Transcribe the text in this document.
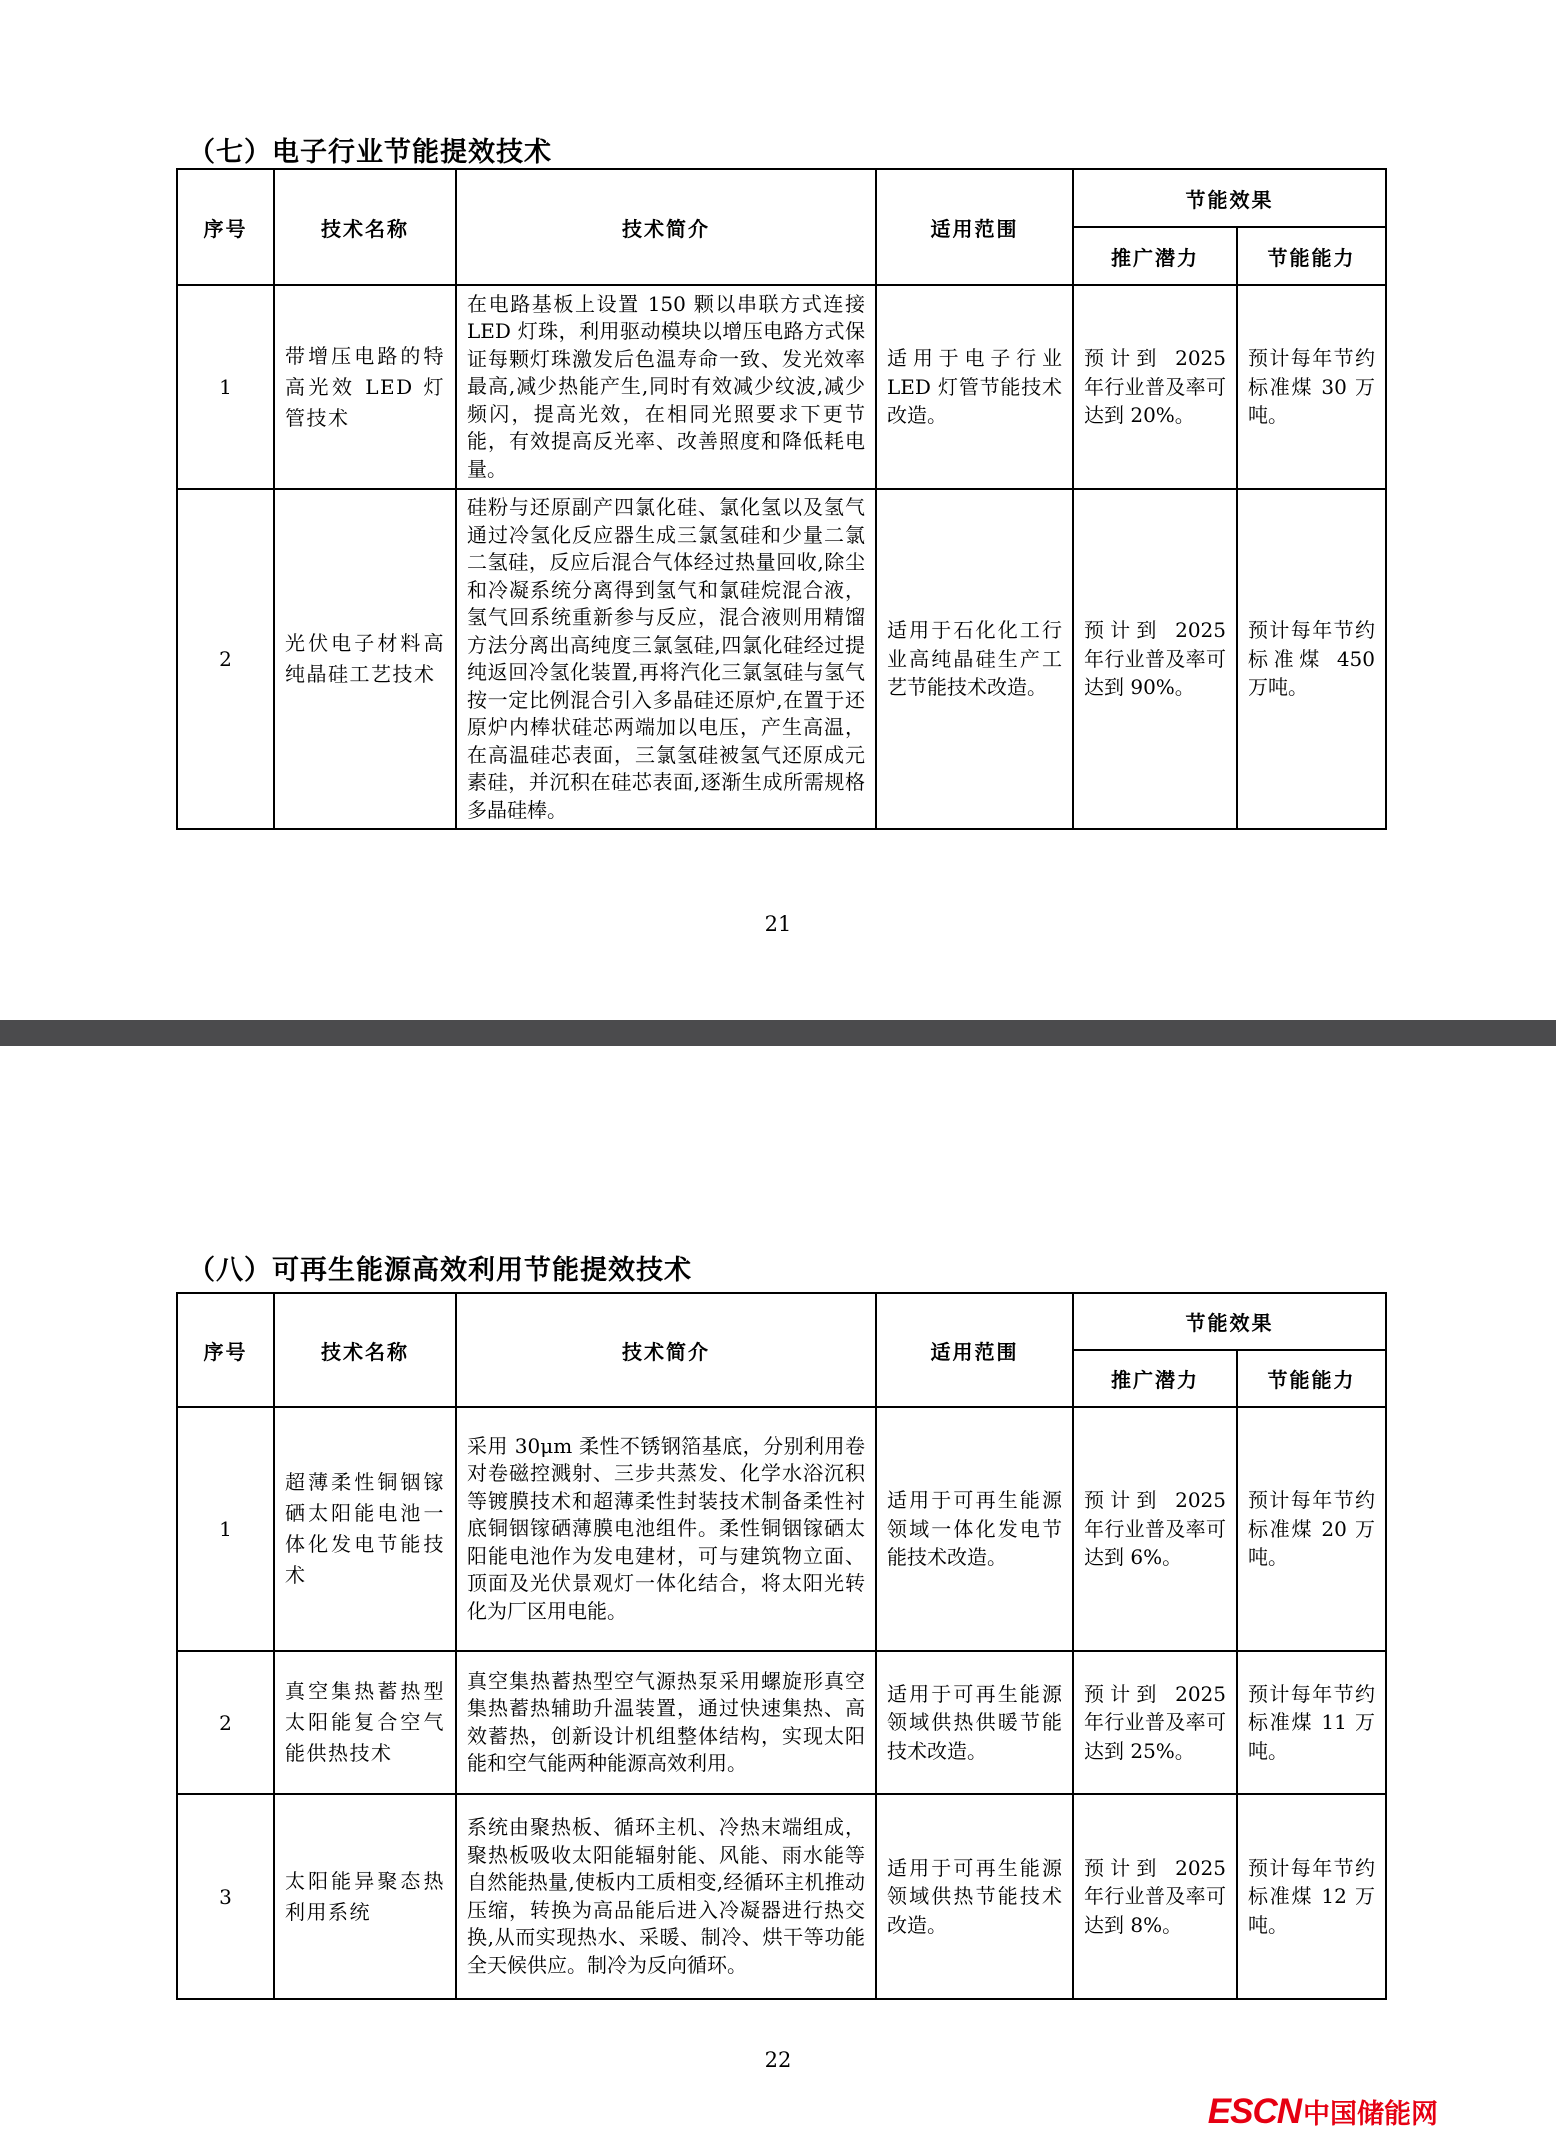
（七）电子行业节能提效技术
序号	技术名称	技术简介	适用范围	节能效果	
				推广潜力	节能能力
1	带增压电路的特高光效 LED 灯管技术	在电路基板上设置 150 颗以串联方式连接 LED 灯珠，利用驱动模块以增压电路方式保证每颗灯珠激发后色温寿命一致、发光效率最高,减少热能产生,同时有效减少纹波,减少频闪，提高光效，在相同光照要求下更节能，有效提高反光率、改善照度和降低耗电量。	适用于电子行业 LED 灯管节能技术改造。	预计到 2025 年行业普及率可达到 20%。	预计每年节约标准煤 30 万吨。
2	光伏电子材料高纯晶硅工艺技术	硅粉与还原副产四氯化硅、氯化氢以及氢气通过冷氢化反应器生成三氯氢硅和少量二氯二氢硅，反应后混合气体经过热量回收,除尘和冷凝系统分离得到氢气和氯硅烷混合液，氢气回系统重新参与反应，混合液则用精馏方法分离出高纯度三氯氢硅,四氯化硅经过提纯返回冷氢化装置,再将汽化三氯氢硅与氢气按一定比例混合引入多晶硅还原炉,在置于还原炉内棒状硅芯两端加以电压，产生高温，在高温硅芯表面，三氯氢硅被氢气还原成元素硅，并沉积在硅芯表面,逐渐生成所需规格多晶硅棒。	适用于石化化工行业高纯晶硅生产工艺节能技术改造。	预计到 2025 年行业普及率可达到 90%。	预计每年节约标准煤 450 万吨。
21
（八）可再生能源高效利用节能提效技术
序号	技术名称	技术简介	适用范围	节能效果	
				推广潜力	节能能力
1	超薄柔性铜铟镓硒太阳能电池一体化发电节能技术	采用 30μm 柔性不锈钢箔基底，分别利用卷对卷磁控溅射、三步共蒸发、化学水浴沉积等镀膜技术和超薄柔性封装技术制备柔性衬底铜铟镓硒薄膜电池组件。柔性铜铟镓硒太阳能电池作为发电建材，可与建筑物立面、顶面及光伏景观灯一体化结合，将太阳光转化为厂区用电能。	适用于可再生能源领域一体化发电节能技术改造。	预计到 2025 年行业普及率可达到 6%。	预计每年节约标准煤 20 万吨。
2	真空集热蓄热型太阳能复合空气能供热技术	真空集热蓄热型空气源热泵采用螺旋形真空集热蓄热辅助升温装置，通过快速集热、高效蓄热，创新设计机组整体结构，实现太阳能和空气能两种能源高效利用。	适用于可再生能源领域供热供暖节能技术改造。	预计到 2025 年行业普及率可达到 25%。	预计每年节约标准煤 11 万吨。
3	太阳能异聚态热利用系统	系统由聚热板、循环主机、冷热末端组成，聚热板吸收太阳能辐射能、风能、雨水能等自然能热量,使板内工质相变,经循环主机推动压缩，转换为高品能后进入冷凝器进行热交换,从而实现热水、采暖、制冷、烘干等功能全天候供应。制冷为反向循环。	适用于可再生能源领域供热节能技术改造。	预计到 2025 年行业普及率可达到 8%。	预计每年节约标准煤 12 万吨。
22
ESCN 中国储能网
